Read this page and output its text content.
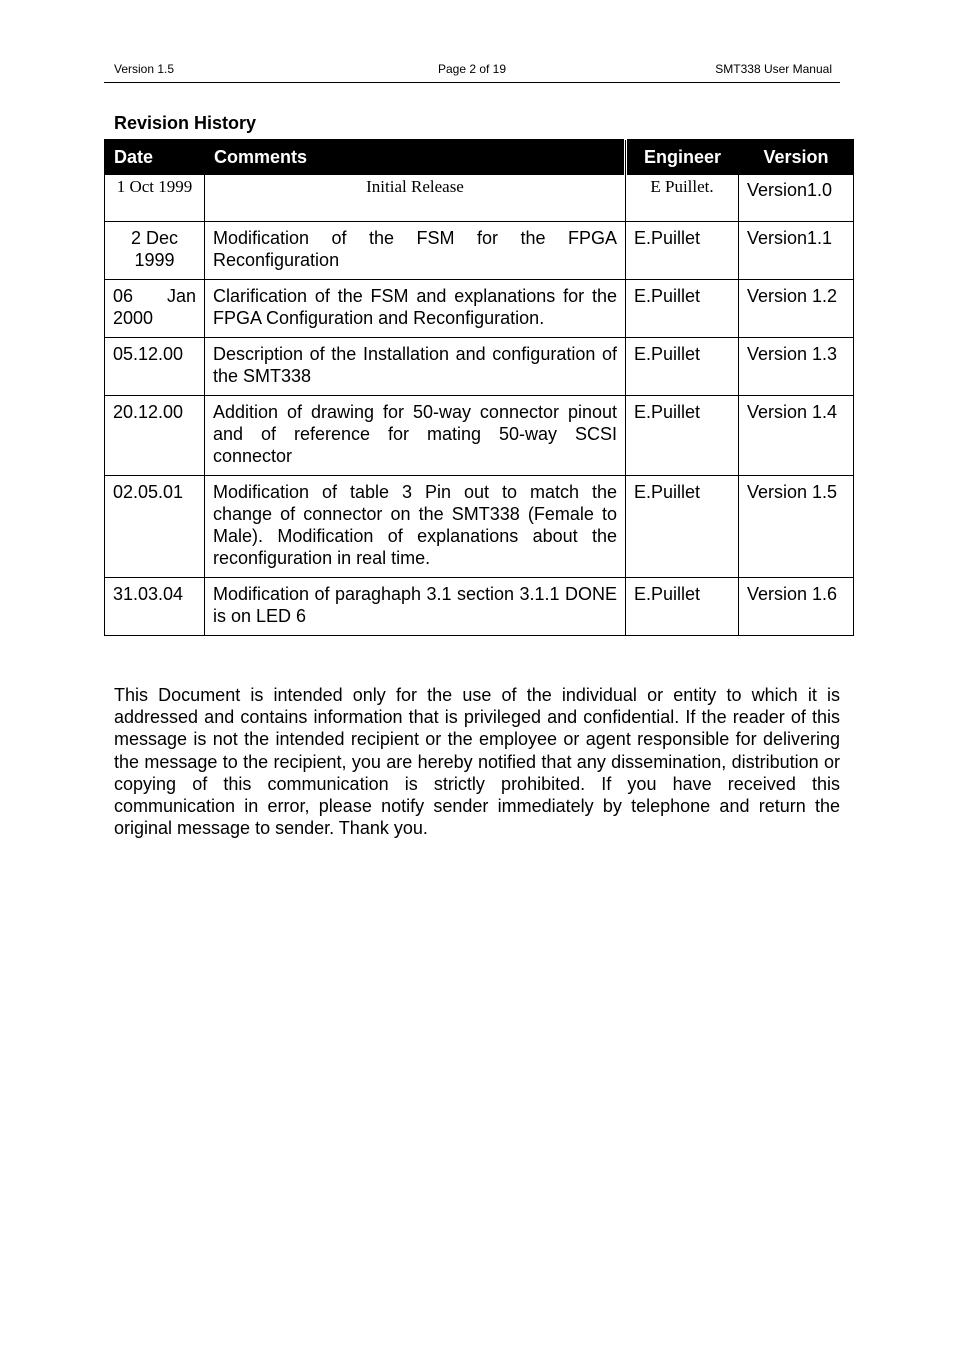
Version 1.5	Page 2 of 19	SMT338 User Manual
Revision History
Date	Comments	Engineer	Version
1 Oct 1999	Initial Release	E Puillet.	Version1.0
2 Dec 1999	Modification of the FSM for the FPGA Reconfiguration	E.Puillet	Version1.1
06 Jan 2000	Clarification of the FSM and explanations for the FPGA Configuration and Reconfiguration.	E.Puillet	Version 1.2
05.12.00	Description of the Installation and configuration of the SMT338	E.Puillet	Version 1.3
20.12.00	Addition of drawing for 50-way connector pinout and of reference for mating 50-way SCSI connector	E.Puillet	Version 1.4
02.05.01	Modification of table 3 Pin out to match the change of connector on the SMT338 (Female to Male). Modification of explanations about the reconfiguration in real time.	E.Puillet	Version 1.5
31.03.04	Modification of paraghaph 3.1 section 3.1.1 DONE is on LED 6	E.Puillet	Version 1.6

This Document is intended only for the use of the individual or entity to which it is addressed and contains information that is privileged and confidential. If the reader of this message is not the intended recipient or the employee or agent responsible for delivering the message to the recipient, you are hereby notified that any dissemination, distribution or copying of this communication is strictly prohibited. If you have received this communication in error, please notify sender immediately by telephone and return the original message to sender. Thank you.
